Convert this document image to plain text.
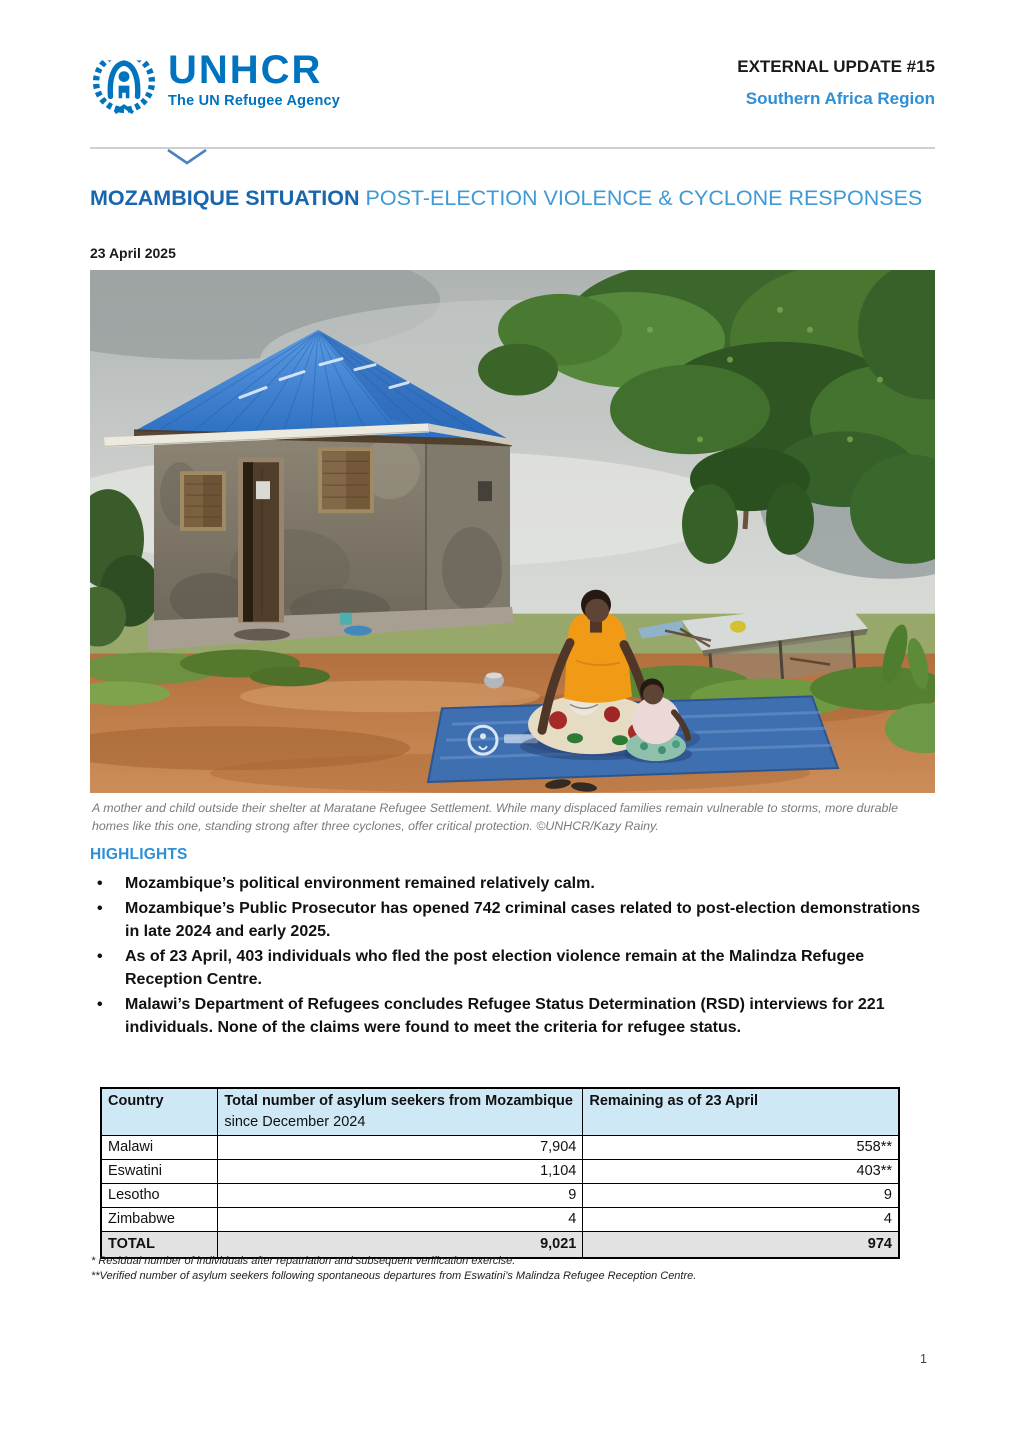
UNHCR
The UN Refugee Agency
EXTERNAL UPDATE #15
Southern Africa Region
MOZAMBIQUE SITUATION POST-ELECTION VIOLENCE & CYCLONE RESPONSES
23 April 2025

A mother and child outside their shelter at Maratane Refugee Settlement. While many displaced families remain vulnerable to storms, more durable homes like this one, standing strong after three cyclones, offer critical protection. ©UNHCR/Kazy Rainy.

HIGHLIGHTS
• Mozambique’s political environment remained relatively calm.
• Mozambique’s Public Prosecutor has opened 742 criminal cases related to post-election demonstrations in late 2024 and early 2025.
• As of 23 April, 403 individuals who fled the post election violence remain at the Malindza Refugee Reception Centre.
• Malawi’s Department of Refugees concludes Refugee Status Determination (RSD) interviews for 221 individuals. None of the claims were found to meet the criteria for refugee status.
Country	Total number of asylum seekers from Mozambique since December 2024	Remaining as of 23 April
Malawi	7,904	558**
Eswatini	1,104	403**
Lesotho	9	9
Zimbabwe	4	4
TOTAL	9,021	974

* Residual number of individuals after repatriation and subsequent verification exercise.

**Verified number of asylum seekers following spontaneous departures from Eswatini’s Malindza Refugee Reception Centre.

1
